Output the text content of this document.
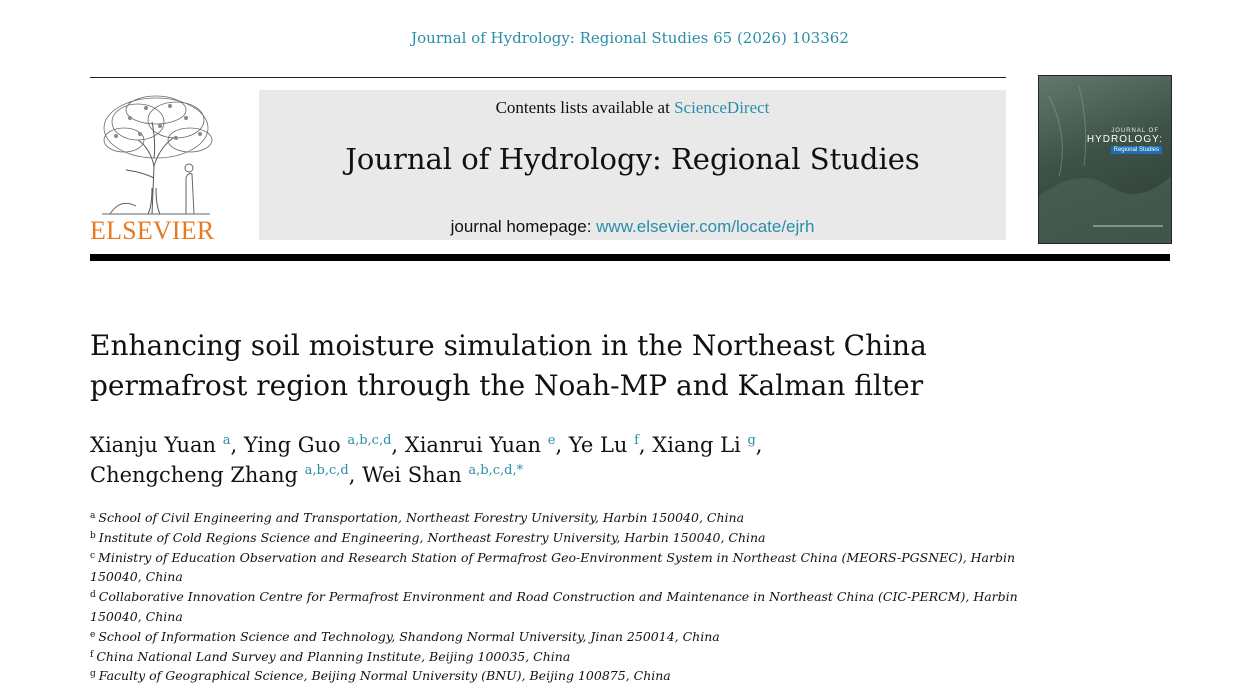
Journal of Hydrology: Regional Studies 65 (2026) 103362
ELSEVIER
Contents lists available at ScienceDirect
Journal of Hydrology: Regional Studies
journal homepage: www.elsevier.com/locate/ejrh
JOURNAL OF
HYDROLOGY:
Regional Studies
Enhancing soil moisture simulation in the Northeast China
permafrost region through the Noah-MP and Kalman filter
Xianju Yuan $^a$, Ying Guo $^{a,b,c,d}$, Xianrui Yuan $^e$, Ye Lu $^f$, Xiang Li $^g$,
Chengcheng Zhang $^{a,b,c,d}$, Wei Shan $^{a,b,c,d,*}$
$^a$ School of Civil Engineering and Transportation, Northeast Forestry University, Harbin 150040, China
$^b$ Institute of Cold Regions Science and Engineering, Northeast Forestry University, Harbin 150040, China
$^c$ Ministry of Education Observation and Research Station of Permafrost Geo-Environment System in Northeast China (MEORS-PGSNEC), Harbin 150040, China
$^d$ Collaborative Innovation Centre for Permafrost Environment and Road Construction and Maintenance in Northeast China (CIC-PERCM), Harbin 150040, China
$^e$ School of Information Science and Technology, Shandong Normal University, Jinan 250014, China
$^f$ China National Land Survey and Planning Institute, Beijing 100035, China
$^g$ Faculty of Geographical Science, Beijing Normal University (BNU), Beijing 100875, China
